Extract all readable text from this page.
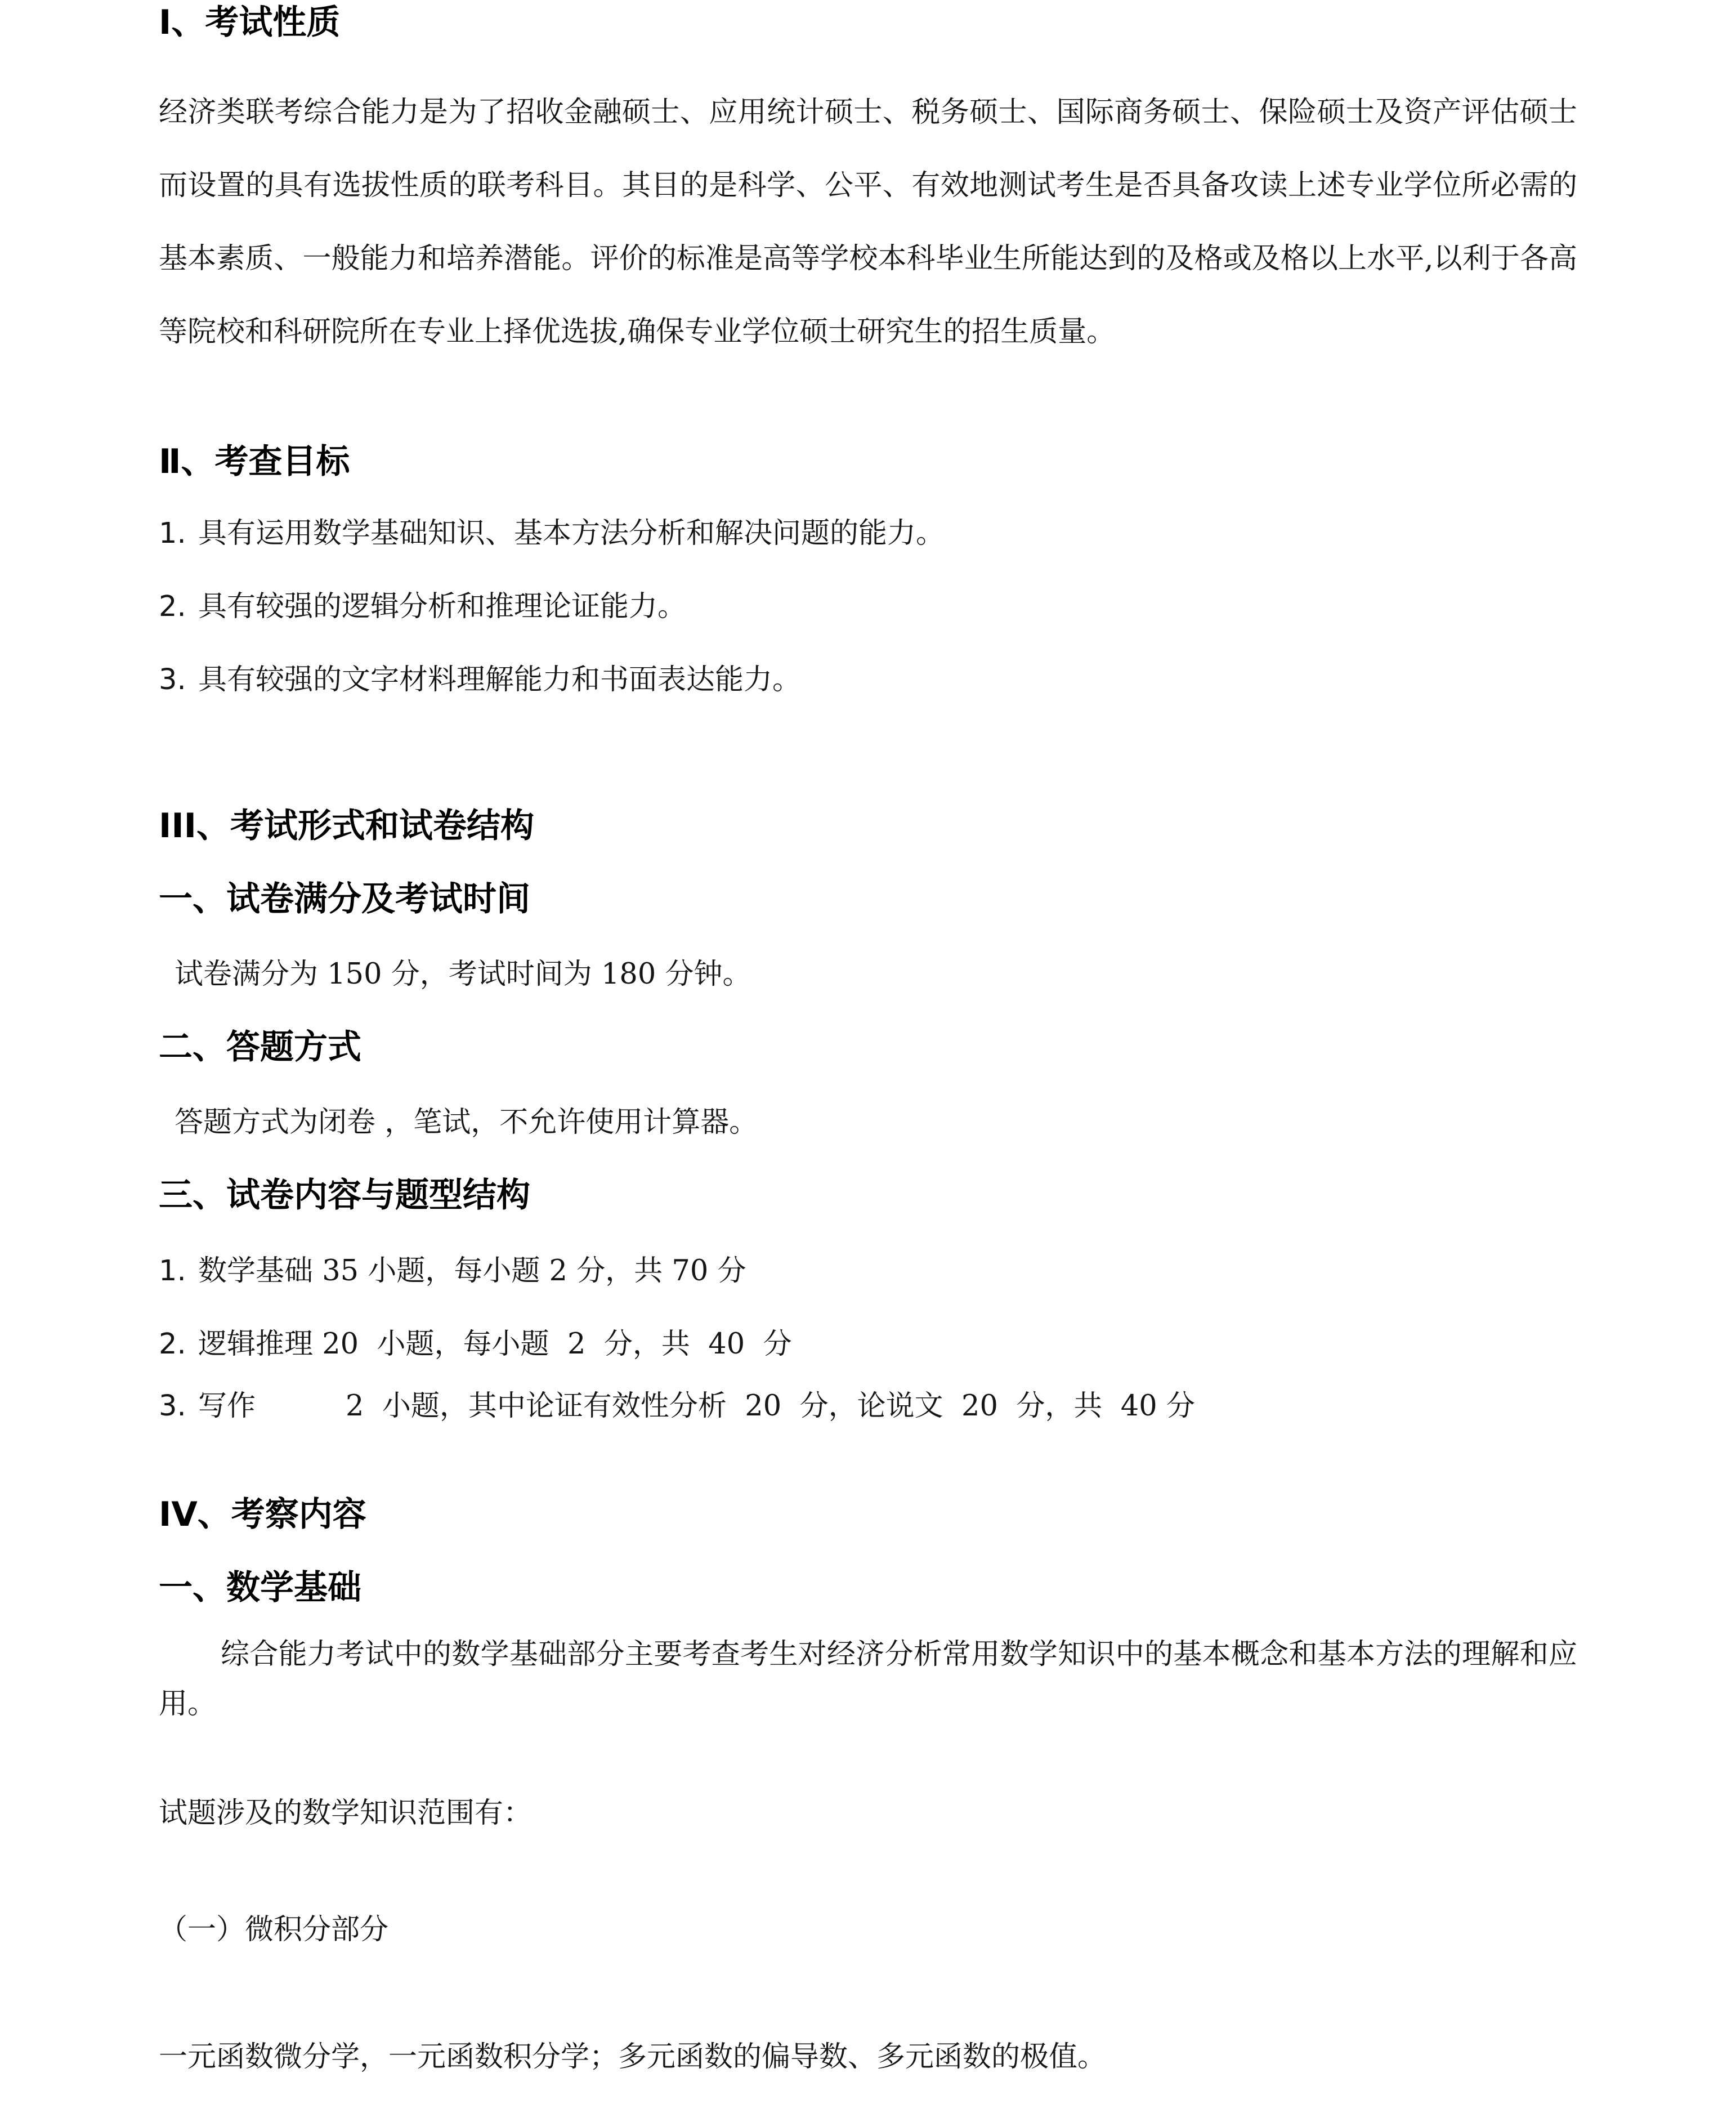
Ⅰ、考试性质

经济类联考综合能力是为了招收金融硕士、应用统计硕士、税务硕士、国际商务硕士、保险硕士及资产评估硕士而设置的具有选拔性质的联考科目。其目的是科学、公平、有效地测试考生是否具备攻读上述专业学位所必需的基本素质、一般能力和培养潜能。评价的标准是高等学校本科毕业生所能达到的及格或及格以上水平,以利于各高等院校和科研院所在专业上择优选拔,确保专业学位硕士研究生的招生质量。

Ⅱ、考查目标
1. 具有运用数学基础知识、基本方法分析和解决问题的能力。
2. 具有较强的逻辑分析和推理论证能力。
3. 具有较强的文字材料理解能力和书面表达能力。
III、考试形式和试卷结构
一、试卷满分及考试时间
试卷满分为 150 分，考试时间为 180 分钟。
二、答题方式
答题方式为闭卷 ，笔试，不允许使用计算器。
三、试卷内容与题型结构
1. 数学基础 35 小题，每小题 2 分，共 70 分
2. 逻辑推理 20  小题，每小题  2  分，共  40  分
3. 写作	2  小题，其中论证有效性分析  20  分，论说文  20  分，共  40 分
IV、考察内容
一、数学基础

综合能力考试中的数学基础部分主要考查考生对经济分析常用数学知识中的基本概念和基本方法的理解和应用。

试题涉及的数学知识范围有：
（一）微积分部分
一元函数微分学，一元函数积分学；多元函数的偏导数、多元函数的极值。
